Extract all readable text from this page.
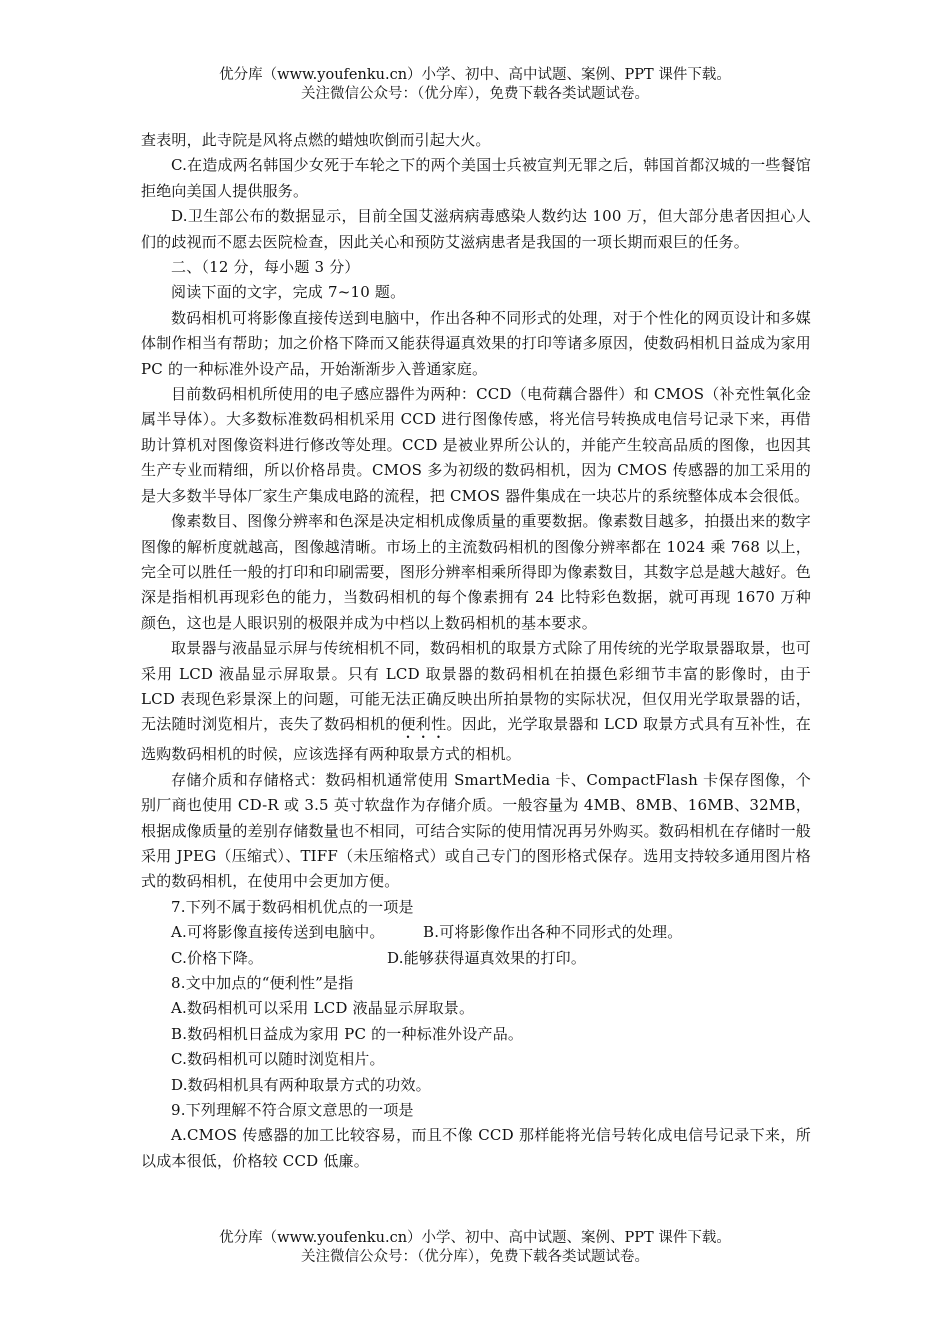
优分库（www.youfenku.cn）小学、初中、高中试题、案例、PPT 课件下载。
关注微信公众号：（优分库），免费下载各类试题试卷。

查表明，此寺院是风将点燃的蜡烛吹倒而引起大火。

C.在造成两名韩国少女死于车轮之下的两个美国士兵被宣判无罪之后，韩国首都汉城的一些餐馆拒绝向美国人提供服务。

D.卫生部公布的数据显示，目前全国艾滋病病毒感染人数约达 100 万，但大部分患者因担心人们的歧视而不愿去医院检查，因此关心和预防艾滋病患者是我国的一项长期而艰巨的任务。

二、（12 分，每小题 3 分）

阅读下面的文字，完成 7~10 题。

数码相机可将影像直接传送到电脑中，作出各种不同形式的处理，对于个性化的网页设计和多媒体制作相当有帮助；加之价格下降而又能获得逼真效果的打印等诸多原因，使数码相机日益成为家用 PC 的一种标准外设产品，开始渐渐步入普通家庭。

目前数码相机所使用的电子感应器件为两种：CCD（电荷藕合器件）和 CMOS（补充性氧化金属半导体）。大多数标准数码相机采用 CCD 进行图像传感，将光信号转换成电信号记录下来，再借助计算机对图像资料进行修改等处理。CCD 是被业界所公认的，并能产生较高品质的图像，也因其生产专业而精细，所以价格昂贵。CMOS 多为初级的数码相机，因为 CMOS 传感器的加工采用的是大多数半导体厂家生产集成电路的流程，把 CMOS 器件集成在一块芯片的系统整体成本会很低。

像素数目、图像分辨率和色深是决定相机成像质量的重要数据。像素数目越多，拍摄出来的数字图像的解析度就越高，图像越清晰。市场上的主流数码相机的图像分辨率都在 1024 乘 768 以上，完全可以胜任一般的打印和印刷需要，图形分辨率相乘所得即为像素数目，其数字总是越大越好。色深是指相机再现彩色的能力，当数码相机的每个像素拥有 24 比特彩色数据，就可再现 1670 万种颜色，这也是人眼识别的极限并成为中档以上数码相机的基本要求。

取景器与液晶显示屏与传统相机不同，数码相机的取景方式除了用传统的光学取景器取景，也可采用 LCD 液晶显示屏取景。只有 LCD 取景器的数码相机在拍摄色彩细节丰富的影像时，由于 LCD 表现色彩景深上的问题，可能无法正确反映出所拍景物的实际状况，但仅用光学取景器的话，无法随时浏览相片，丧失了数码相机的便利性。因此，光学取景器和 LCD 取景方式具有互补性，在选购数码相机的时候，应该选择有两种取景方式的相机。

存储介质和存储格式：数码相机通常使用 SmartMedia 卡、CompactFlash 卡保存图像，个别厂商也使用 CD-R 或 3.5 英寸软盘作为存储介质。一般容量为 4MB、8MB、16MB、32MB，根据成像质量的差别存储数量也不相同，可结合实际的使用情况再另外购买。数码相机在存储时一般采用 JPEG（压缩式）、TIFF（未压缩格式）或自己专门的图形格式保存。选用支持较多通用图片格式的数码相机，在使用中会更加方便。

7.下列不属于数码相机优点的一项是

A.可将影像直接传送到电脑中。	B.可将影像作出各种不同形式的处理。
C.价格下降。	D.能够获得逼真效果的打印。

8.文中加点的“便利性”是指

A.数码相机可以采用 LCD 液晶显示屏取景。

B.数码相机日益成为家用 PC 的一种标准外设产品。

C.数码相机可以随时浏览相片。

D.数码相机具有两种取景方式的功效。

9.下列理解不符合原文意思的一项是

A.CMOS 传感器的加工比较容易，而且不像 CCD 那样能将光信号转化成电信号记录下来，所以成本很低，价格较 CCD 低廉。

优分库（www.youfenku.cn）小学、初中、高中试题、案例、PPT 课件下载。
关注微信公众号：（优分库），免费下载各类试题试卷。
